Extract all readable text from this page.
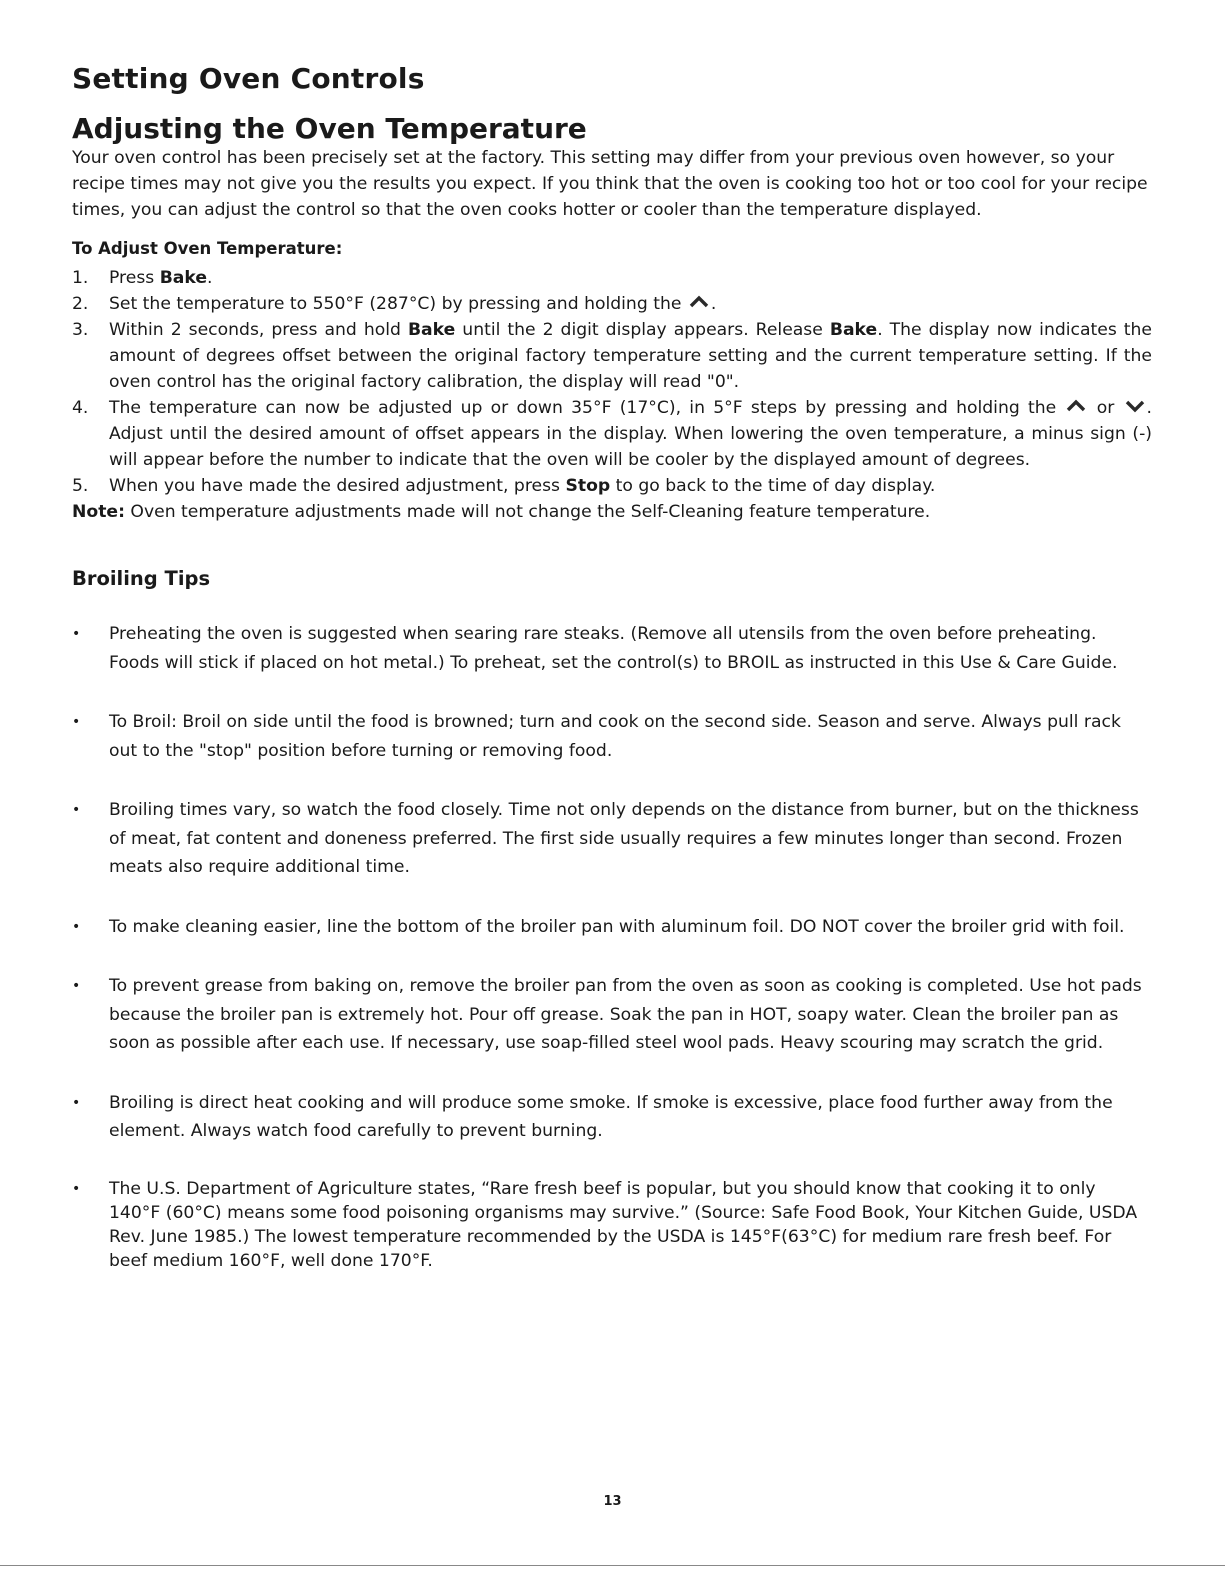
Setting Oven Controls
Adjusting the Oven Temperature

Your oven control has been precisely set at the factory. This setting may differ from your previous oven however, so your recipe times may not give you the results you expect. If you think that the oven is cooking too hot or too cool for your recipe times, you can adjust the control so that the oven cooks hotter or cooler than the temperature displayed.

To Adjust Oven Temperature:
1. Press Bake.
2. Set the temperature to 550°F (287°C) by pressing and holding the .
3. Within 2 seconds, press and hold Bake until the 2 digit display appears. Release Bake. The display now indicates the amount of degrees offset between the original factory temperature setting and the current temperature setting. If the oven control has the original factory calibration, the display will read "0".
4. The temperature can now be adjusted up or down 35°F (17°C), in 5°F steps by pressing and holding the  or . Adjust until the desired amount of offset appears in the display. When lowering the oven temperature, a minus sign (-) will appear before the number to indicate that the oven will be cooler by the displayed amount of degrees.
5. When you have made the desired adjustment, press Stop to go back to the time of day display.

Note: Oven temperature adjustments made will not change the Self-Cleaning feature temperature.

Broiling Tips
• Preheating the oven is suggested when searing rare steaks. (Remove all utensils from the oven before preheating. Foods will stick if placed on hot metal.) To preheat, set the control(s) to BROIL as instructed in this Use & Care Guide.
• To Broil: Broil on side until the food is browned; turn and cook on the second side. Season and serve. Always pull rack out to the "stop" position before turning or removing food.
• Broiling times vary, so watch the food closely. Time not only depends on the distance from burner, but on the thickness of meat, fat content and doneness preferred. The first side usually requires a few minutes longer than second. Frozen meats also require additional time.
• To make cleaning easier, line the bottom of the broiler pan with aluminum foil. DO NOT cover the broiler grid with foil.
• To prevent grease from baking on, remove the broiler pan from the oven as soon as cooking is completed. Use hot pads because the broiler pan is extremely hot. Pour off grease. Soak the pan in HOT, soapy water. Clean the broiler pan as soon as possible after each use. If necessary, use soap-filled steel wool pads. Heavy scouring may scratch the grid.
• Broiling is direct heat cooking and will produce some smoke. If smoke is excessive, place food further away from the element. Always watch food carefully to prevent burning.
• The U.S. Department of Agriculture states, “Rare fresh beef is popular, but you should know that cooking it to only 140°F (60°C) means some food poisoning organisms may survive.” (Source: Safe Food Book, Your Kitchen Guide, USDA Rev. June 1985.) The lowest temperature recommended by the USDA is 145°F(63°C) for medium rare fresh beef. For beef medium 160°F, well done 170°F.
13
